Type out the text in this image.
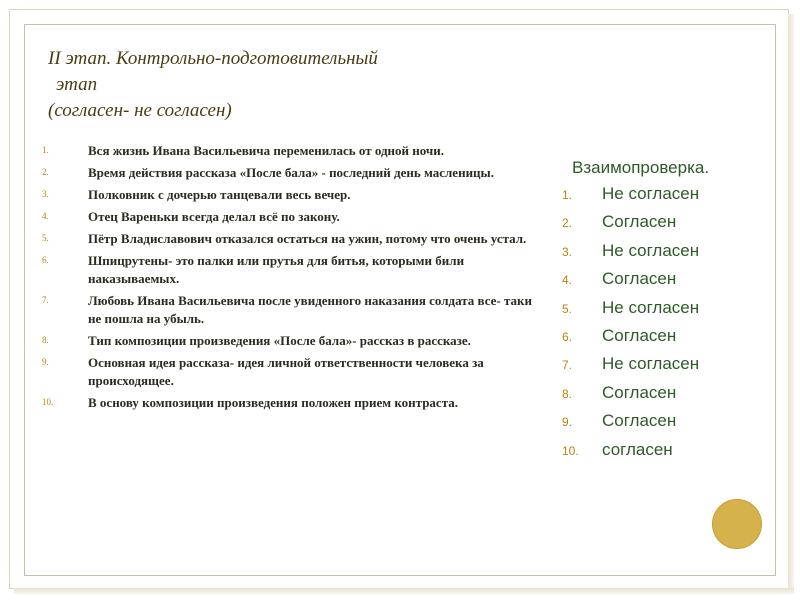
II этап. Контрольно-подготовительный
этап
(согласен- не согласен)
1.	Вся жизнь Ивана Васильевича переменилась от одной ночи.
2.	Время действия рассказа «После бала» - последний день масленицы.
3.	Полковник с дочерью танцевали весь вечер.
4.	Отец Вареньки всегда делал всё по закону.
5.	Пётр Владиславович отказался остаться на ужин, потому что очень устал.
6.	Шпицрутены- это палки или прутья для битья, которыми били наказываемых.
7.	Любовь Ивана Васильевича после увиденного наказания солдата все- таки не пошла на убыль.
8.	Тип композиции произведения «После бала»- рассказ в рассказе.
9.	Основная идея рассказа- идея личной ответственности человека за происходящее.
10.	В основу композиции произведения положен прием контраста.
Взаимопроверка.
1.	Не согласен
2.	Согласен
3.	Не согласен
4.	Согласен
5.	Не согласен
6.	Согласен
7.	Не согласен
8.	Согласен
9.	Согласен
10.	согласен
